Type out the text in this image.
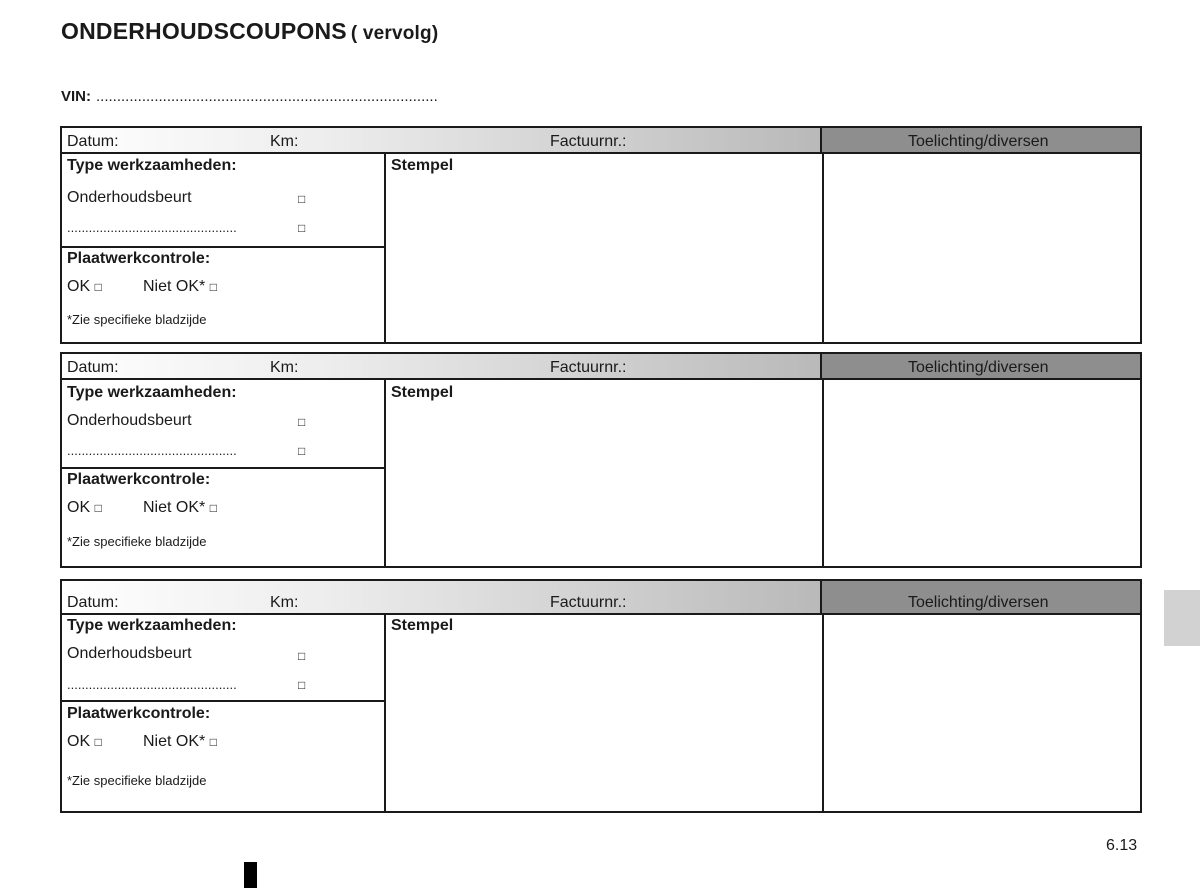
ONDERHOUDSCOUPONS ( vervolg)
VIN: ..................................................................................
Datum:	Km:	Factuurnr.:	Toelichting/diversen
Type werkzaamheden:
Onderhoudsbeurt	□
...............................................	□
Plaatwerkcontrole:
OK □	Niet OK* □
*Zie specifieke bladzijde
Stempel
Datum:	Km:	Factuurnr.:	Toelichting/diversen
Type werkzaamheden:
Onderhoudsbeurt	□
...............................................	□
Plaatwerkcontrole:
OK □	Niet OK* □
*Zie specifieke bladzijde
Stempel
Datum:	Km:	Factuurnr.:	Toelichting/diversen
Type werkzaamheden:
Onderhoudsbeurt	□
...............................................	□
Plaatwerkcontrole:
OK □	Niet OK* □
*Zie specifieke bladzijde
Stempel
6.13
